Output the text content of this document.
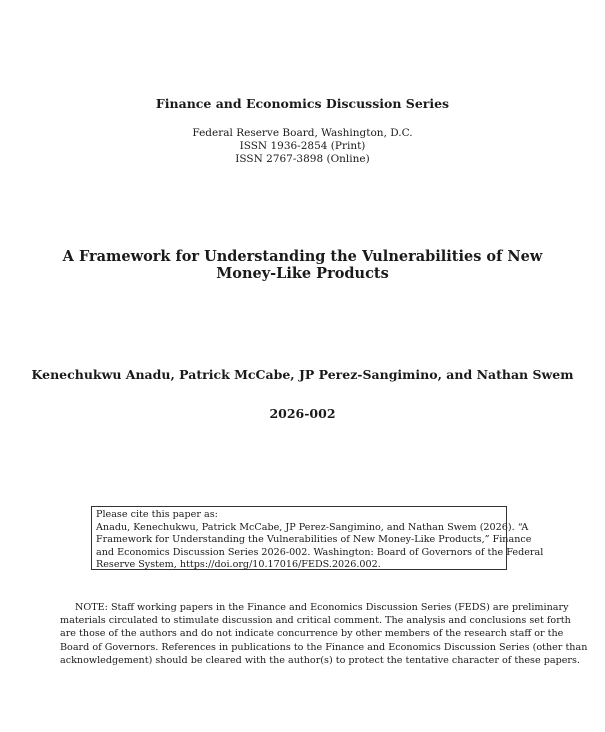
Finance and Economics Discussion Series
Federal Reserve Board, Washington, D.C.
ISSN 1936-2854 (Print)
ISSN 2767-3898 (Online)
A Framework for Understanding the Vulnerabilities of New
Money-Like Products
Kenechukwu Anadu, Patrick McCabe, JP Perez-Sangimino, and Nathan Swem
2026-002
Please cite this paper as:
Anadu, Kenechukwu, Patrick McCabe, JP Perez-Sangimino, and Nathan Swem (2026). “A
Framework for Understanding the Vulnerabilities of New Money-Like Products,” Finance
and Economics Discussion Series 2026-002. Washington: Board of Governors of the Federal
Reserve System, https://doi.org/10.17016/FEDS.2026.002.
NOTE: Staff working papers in the Finance and Economics Discussion Series (FEDS) are preliminary
materials circulated to stimulate discussion and critical comment. The analysis and conclusions set forth
are those of the authors and do not indicate concurrence by other members of the research staff or the
Board of Governors. References in publications to the Finance and Economics Discussion Series (other than
acknowledgement) should be cleared with the author(s) to protect the tentative character of these papers.
